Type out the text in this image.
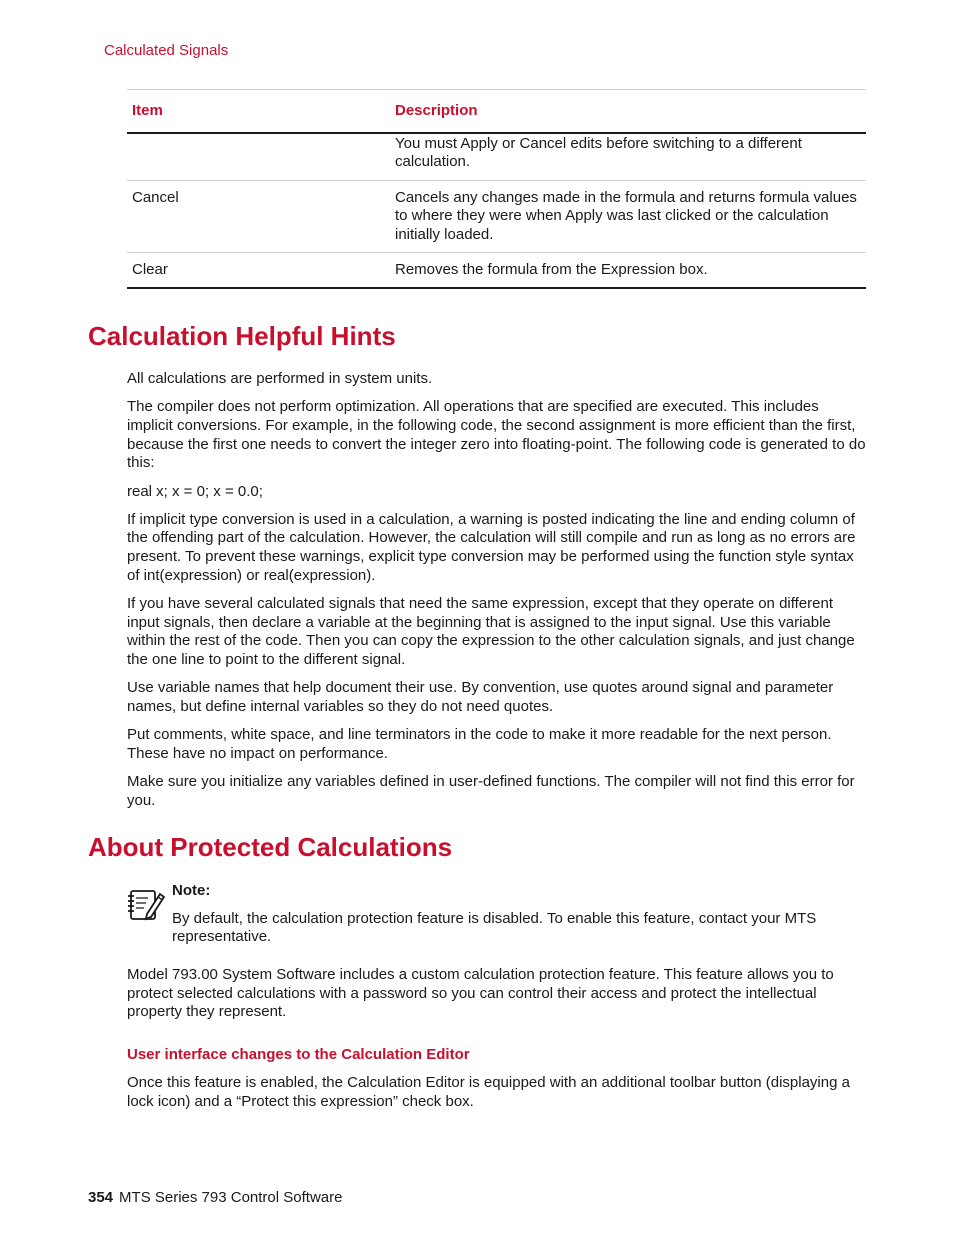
Calculated Signals
Item	Description
	You must Apply or Cancel edits before switching to a different calculation.
Cancel	Cancels any changes made in the formula and returns formula values to where they were when Apply was last clicked or the calculation initially loaded.
Clear	Removes the formula from the Expression box.
Calculation Helpful Hints

All calculations are performed in system units.

The compiler does not perform optimization. All operations that are specified are executed. This includes implicit conversions. For example, in the following code, the second assignment is more efficient than the first, because the first one needs to convert the integer zero into floating-point. The following code is generated to do this:

real x; x = 0; x = 0.0;

If implicit type conversion is used in a calculation, a warning is posted indicating the line and ending column of the offending part of the calculation. However, the calculation will still compile and run as long as no errors are present. To prevent these warnings, explicit type conversion may be performed using the function style syntax of int(expression) or real(expression).

If you have several calculated signals that need the same expression, except that they operate on different input signals, then declare a variable at the beginning that is assigned to the input signal. Use this variable within the rest of the code. Then you can copy the expression to the other calculation signals, and just change the one line to point to the different signal.

Use variable names that help document their use. By convention, use quotes around signal and parameter names, but define internal variables so they do not need quotes.

Put comments, white space, and line terminators in the code to make it more readable for the next person. These have no impact on performance.

Make sure you initialize any variables defined in user-defined functions. The compiler will not find this error for you.

About Protected Calculations

Note:

By default, the calculation protection feature is disabled. To enable this feature, contact your MTS representative.

Model 793.00 System Software includes a custom calculation protection feature. This feature allows you to protect selected calculations with a password so you can control their access and protect the intellectual property they represent.

User interface changes to the Calculation Editor

Once this feature is enabled, the Calculation Editor is equipped with an additional toolbar button (displaying a lock icon) and a “Protect this expression” check box.

354 MTS Series 793 Control Software
